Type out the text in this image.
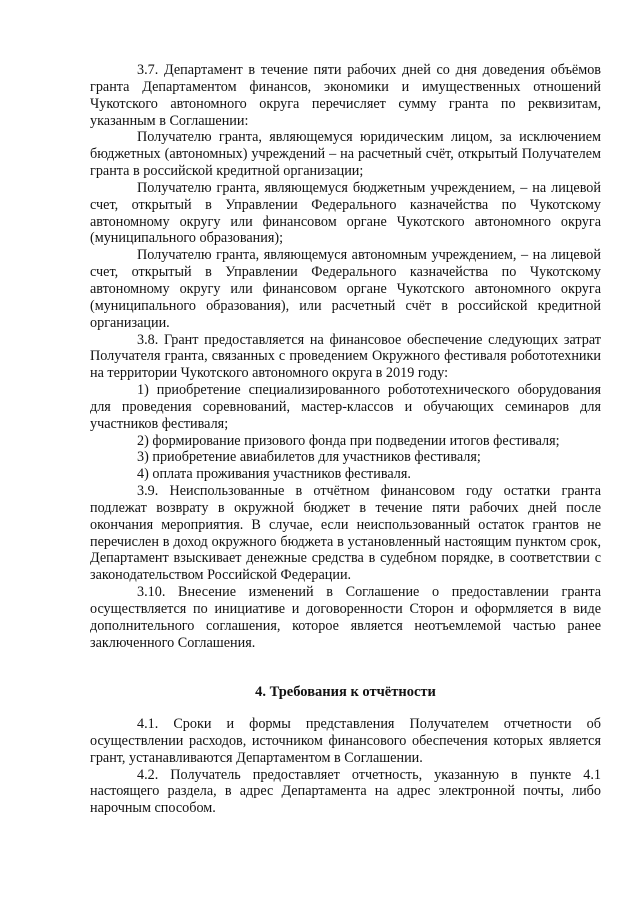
3.7. Департамент в течение пяти рабочих дней со дня доведения объёмов гранта Департаментом финансов, экономики и имущественных отношений Чукотского автономного округа перечисляет сумму гранта по реквизитам, указанным в Соглашении:

Получателю гранта, являющемуся юридическим лицом, за исключением бюджетных (автономных) учреждений – на расчетный счёт, открытый Получателем гранта в российской кредитной организации;

Получателю гранта, являющемуся бюджетным учреждением, – на лицевой счет, открытый в Управлении Федерального казначейства по Чукотскому автономному округу или финансовом органе Чукотского автономного округа (муниципального образования);

Получателю гранта, являющемуся автономным учреждением, – на лицевой счет, открытый в Управлении Федерального казначейства по Чукотскому автономному округу или финансовом органе Чукотского автономного округа (муниципального образования), или расчетный счёт в российской кредитной организации.

3.8. Грант предоставляется на финансовое обеспечение следующих затрат Получателя гранта, связанных с проведением Окружного фестиваля робототехники на территории Чукотского автономного округа в 2019 году:

1) приобретение специализированного робототехнического оборудования для проведения соревнований, мастер-классов и обучающих семинаров для участников фестиваля;

2) формирование призового фонда при подведении итогов фестиваля;

3) приобретение авиабилетов для участников фестиваля;

4) оплата проживания участников фестиваля.

3.9. Неиспользованные в отчётном финансовом году остатки гранта подлежат возврату в окружной бюджет в течение пяти рабочих дней после окончания мероприятия. В случае, если неиспользованный остаток грантов не перечислен в доход окружного бюджета в установленный настоящим пунктом срок, Департамент взыскивает денежные средства в судебном порядке, в соответствии с законодательством Российской Федерации.

3.10. Внесение изменений в Соглашение о предоставлении гранта осуществляется по инициативе и договоренности Сторон и оформляется в виде дополнительного соглашения, которое является неотъемлемой частью ранее заключенного Соглашения.

4. Требования к отчётности

4.1. Сроки и формы представления Получателем отчетности об осуществлении расходов, источником финансового обеспечения которых является грант, устанавливаются Департаментом в Соглашении.

4.2. Получатель предоставляет отчетность, указанную в пункте 4.1 настоящего раздела, в адрес Департамента на адрес электронной почты, либо нарочным способом.
